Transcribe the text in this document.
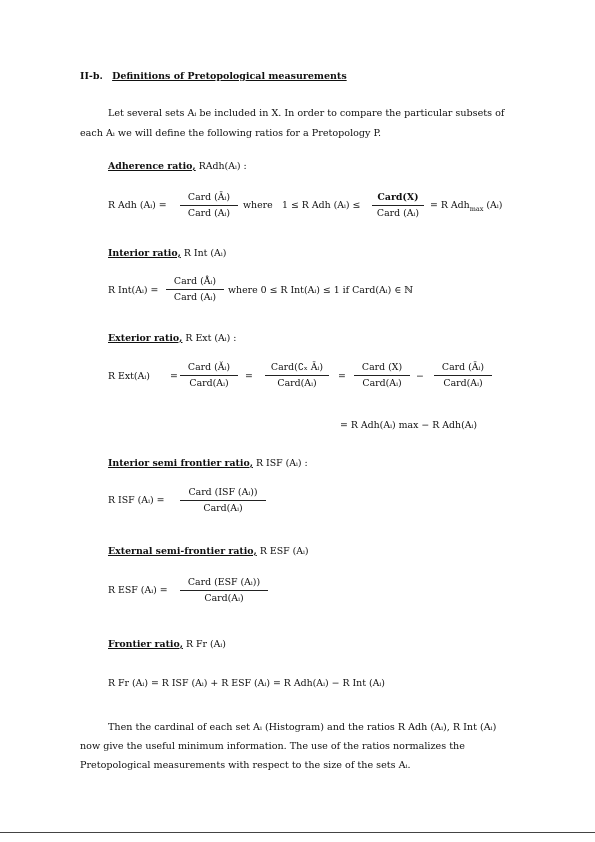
II-b. Definitions of Pretopological measurements
Let several sets Aᵢ be included in X. In order to compare the particular subsets of
each Aᵢ we will define the following ratios for a Pretopology P.
Adherence ratio, RAdh(Aᵢ) :
R Adh (Aᵢ) =
Card (Āᵢ)
Card (Aᵢ)
where 1 ≤ R Adh (Aᵢ) ≤
Card(X)
Card (Aᵢ)
= R Adh$_{max}$ (Aᵢ)
Interior ratio, R Int (Aᵢ)
R Int(Aᵢ) =
Card (Åᵢ)
Card (Aᵢ)
where 0 ≤ R Int(Aᵢ) ≤ 1 if Card(Aᵢ) ∈ ℕ
Exterior ratio, R Ext (Aᵢ) :
R Ext(Aᵢ) =
Card (Ăᵢ)
Card(Aᵢ)
=
Card(∁ₓ Āᵢ)
Card(Aᵢ)
=
Card (X)
Card(Aᵢ)
−
Card (Āᵢ)
Card(Aᵢ)
= R Adh(Aᵢ) max − R Adh(Aᵢ)
Interior semi frontier ratio, R ISF (Aᵢ) :
R ISF (Aᵢ) =
Card (ISF (Aᵢ))
Card(Aᵢ)
External semi-frontier ratio, R ESF (Aᵢ)
R ESF (Aᵢ) =
Card (ESF (Aᵢ))
Card(Aᵢ)
Frontier ratio, R Fr (Aᵢ)
R Fr (Aᵢ) = R ISF (Aᵢ) + R ESF (Aᵢ) = R Adh(Aᵢ) − R Int (Aᵢ)
Then the cardinal of each set Aᵢ (Histogram) and the ratios R Adh (Aᵢ), R Int (Aᵢ)
now give the useful minimum information. The use of the ratios normalizes the
Pretopological measurements with respect to the size of the sets Aᵢ.
